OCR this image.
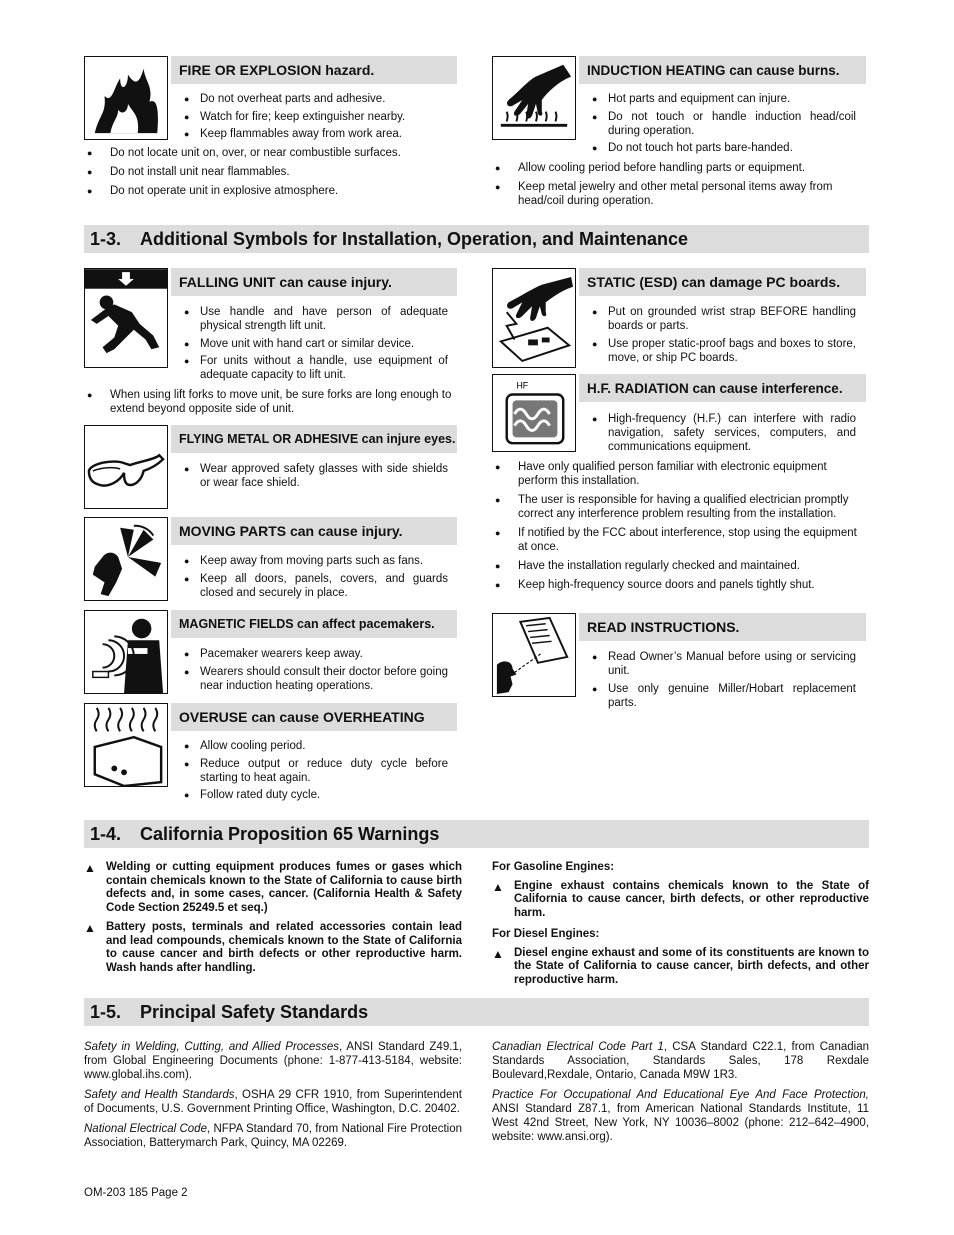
FIRE OR EXPLOSION hazard.
● Do not overheat parts and adhesive.
● Watch for fire; keep extinguisher nearby.
● Keep flammables away from work area.
● Do not locate unit on, over, or near combustible surfaces.
● Do not install unit near flammables.
● Do not operate unit in explosive atmosphere.
INDUCTION HEATING can cause burns.
● Hot parts and equipment can injure.
● Do not touch or handle induction head/coil during operation.
● Do not touch hot parts bare-handed.
● Allow cooling period before handling parts or equipment.
● Keep metal jewelry and other metal personal items away from head/coil during operation.
1-3.	Additional Symbols for Installation, Operation, and Maintenance
FALLING UNIT can cause injury.
● Use handle and have person of adequate physical strength lift unit.
● Move unit with hand cart or similar device.
● For units without a handle, use equipment of adequate capacity to lift unit.
● When using lift forks to move unit, be sure forks are long enough to extend beyond opposite side of unit.
FLYING METAL OR ADHESIVE can injure eyes.
● Wear approved safety glasses with side shields or wear face shield.
MOVING PARTS can cause injury.
● Keep away from moving parts such as fans.
● Keep all doors, panels, covers, and guards closed and securely in place.
MAGNETIC FIELDS can affect pacemakers.
● Pacemaker wearers keep away.
● Wearers should consult their doctor before going near induction heating operations.
OVERUSE can cause OVERHEATING
● Allow cooling period.
● Reduce output or reduce duty cycle before starting to heat again.
● Follow rated duty cycle.
STATIC (ESD) can damage PC boards.
● Put on grounded wrist strap BEFORE handling boards or parts.
● Use proper static-proof bags and boxes to store, move, or ship PC boards.
HF	H.F. RADIATION can cause interference.
● High-frequency (H.F.) can interfere with radio navigation, safety services, computers, and communications equipment.
● Have only qualified person familiar with electronic equipment perform this installation.
● The user is responsible for having a qualified electrician promptly correct any interference problem resulting from the installation.
● If notified by the FCC about interference, stop using the equipment at once.
● Have the installation regularly checked and maintained.
● Keep high-frequency source doors and panels tightly shut.
READ INSTRUCTIONS.
● Read Owner’s Manual before using or servicing unit.
● Use only genuine Miller/Hobart replacement parts.
1-4.	California Proposition 65 Warnings

▲ Welding or cutting equipment produces fumes or gases which contain chemicals known to the State of California to cause birth defects and, in some cases, cancer. (California Health & Safety Code Section 25249.5 et seq.)

▲ Battery posts, terminals and related accessories contain lead and lead compounds, chemicals known to the State of California to cause cancer and birth defects or other reproductive harm. Wash hands after handling.

For Gasoline Engines:

▲ Engine exhaust contains chemicals known to the State of California to cause cancer, birth defects, or other reproductive harm.

For Diesel Engines:

▲ Diesel engine exhaust and some of its constituents are known to the State of California to cause cancer, birth defects, and other reproductive harm.

1-5.	Principal Safety Standards

Safety in Welding, Cutting, and Allied Processes, ANSI Standard Z49.1, from Global Engineering Documents (phone: 1-877-413-5184, website: www.global.ihs.com).

Safety and Health Standards, OSHA 29 CFR 1910, from Superintendent of Documents, U.S. Government Printing Office, Washington, D.C. 20402.

National Electrical Code, NFPA Standard 70, from National Fire Protection Association, Batterymarch Park, Quincy, MA 02269.

Canadian Electrical Code Part 1, CSA Standard C22.1, from Canadian Standards Association, Standards Sales, 178 Rexdale Boulevard,Rexdale, Ontario, Canada M9W 1R3.

Practice For Occupational And Educational Eye And Face Protection, ANSI Standard Z87.1, from American National Standards Institute, 11 West 42nd Street, New York, NY 10036–8002 (phone: 212–642–4900, website: www.ansi.org).

OM-203 185 Page 2
